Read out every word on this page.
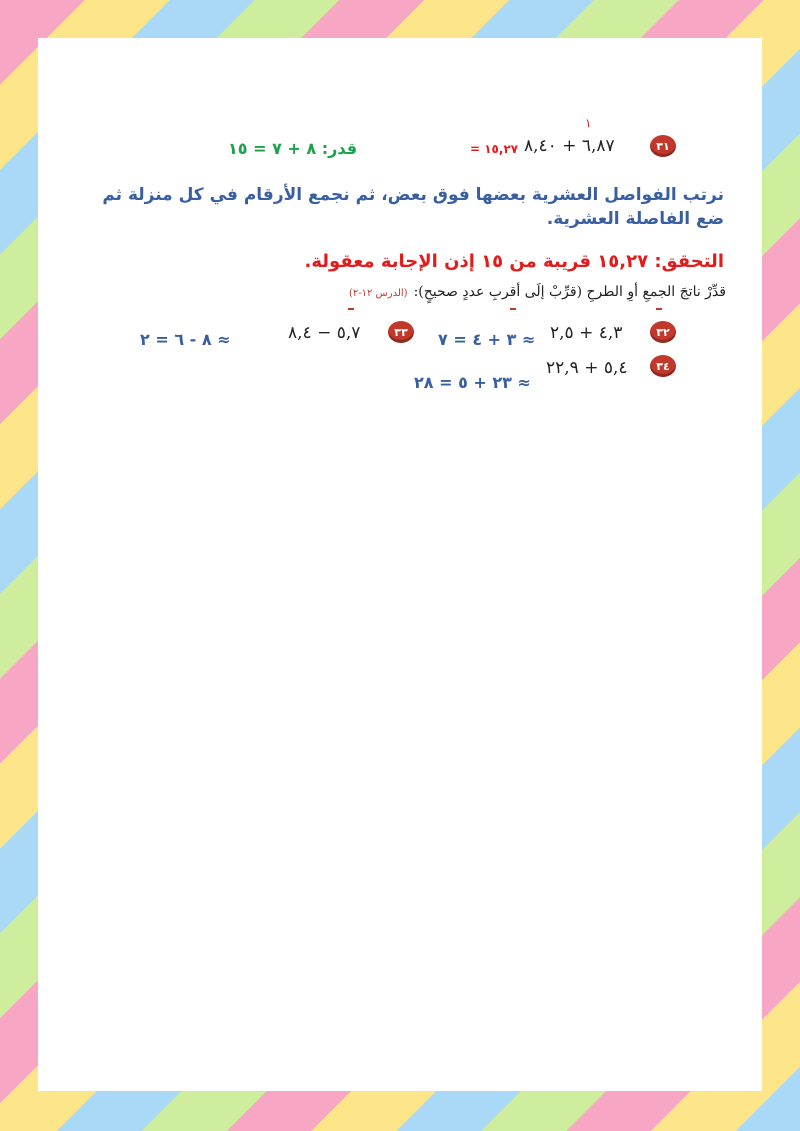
٣١
١
٦,٨٧ + ٨,٤٠
= ١٥,٢٧
قدر: ٨ + ٧ = ١٥
نرتب الفواصل العشرية بعضها فوق بعض، ثم نجمع الأرقام في كل منزلة ثم ضع الفاصلة العشرية.
التحقق: ١٥,٢٧ قريبة من ١٥ إذن الإجابة معقولة.
قدِّرْ ناتجَ الجمعِ أوِ الطرحِ (قرِّبْ إلَى أقربِ عددٍ صحيحٍ):(الدرس ١٢-٢)
٣٢
٤,٣ + ٢,٥
≈ ٣ + ٤ = ٧
٣٣
٥,٧ − ٨,٤
≈ ٨ - ٦ = ٢
٣٤
٥,٤ + ٢٢,٩
≈ ٢٣ + ٥ = ٢٨
